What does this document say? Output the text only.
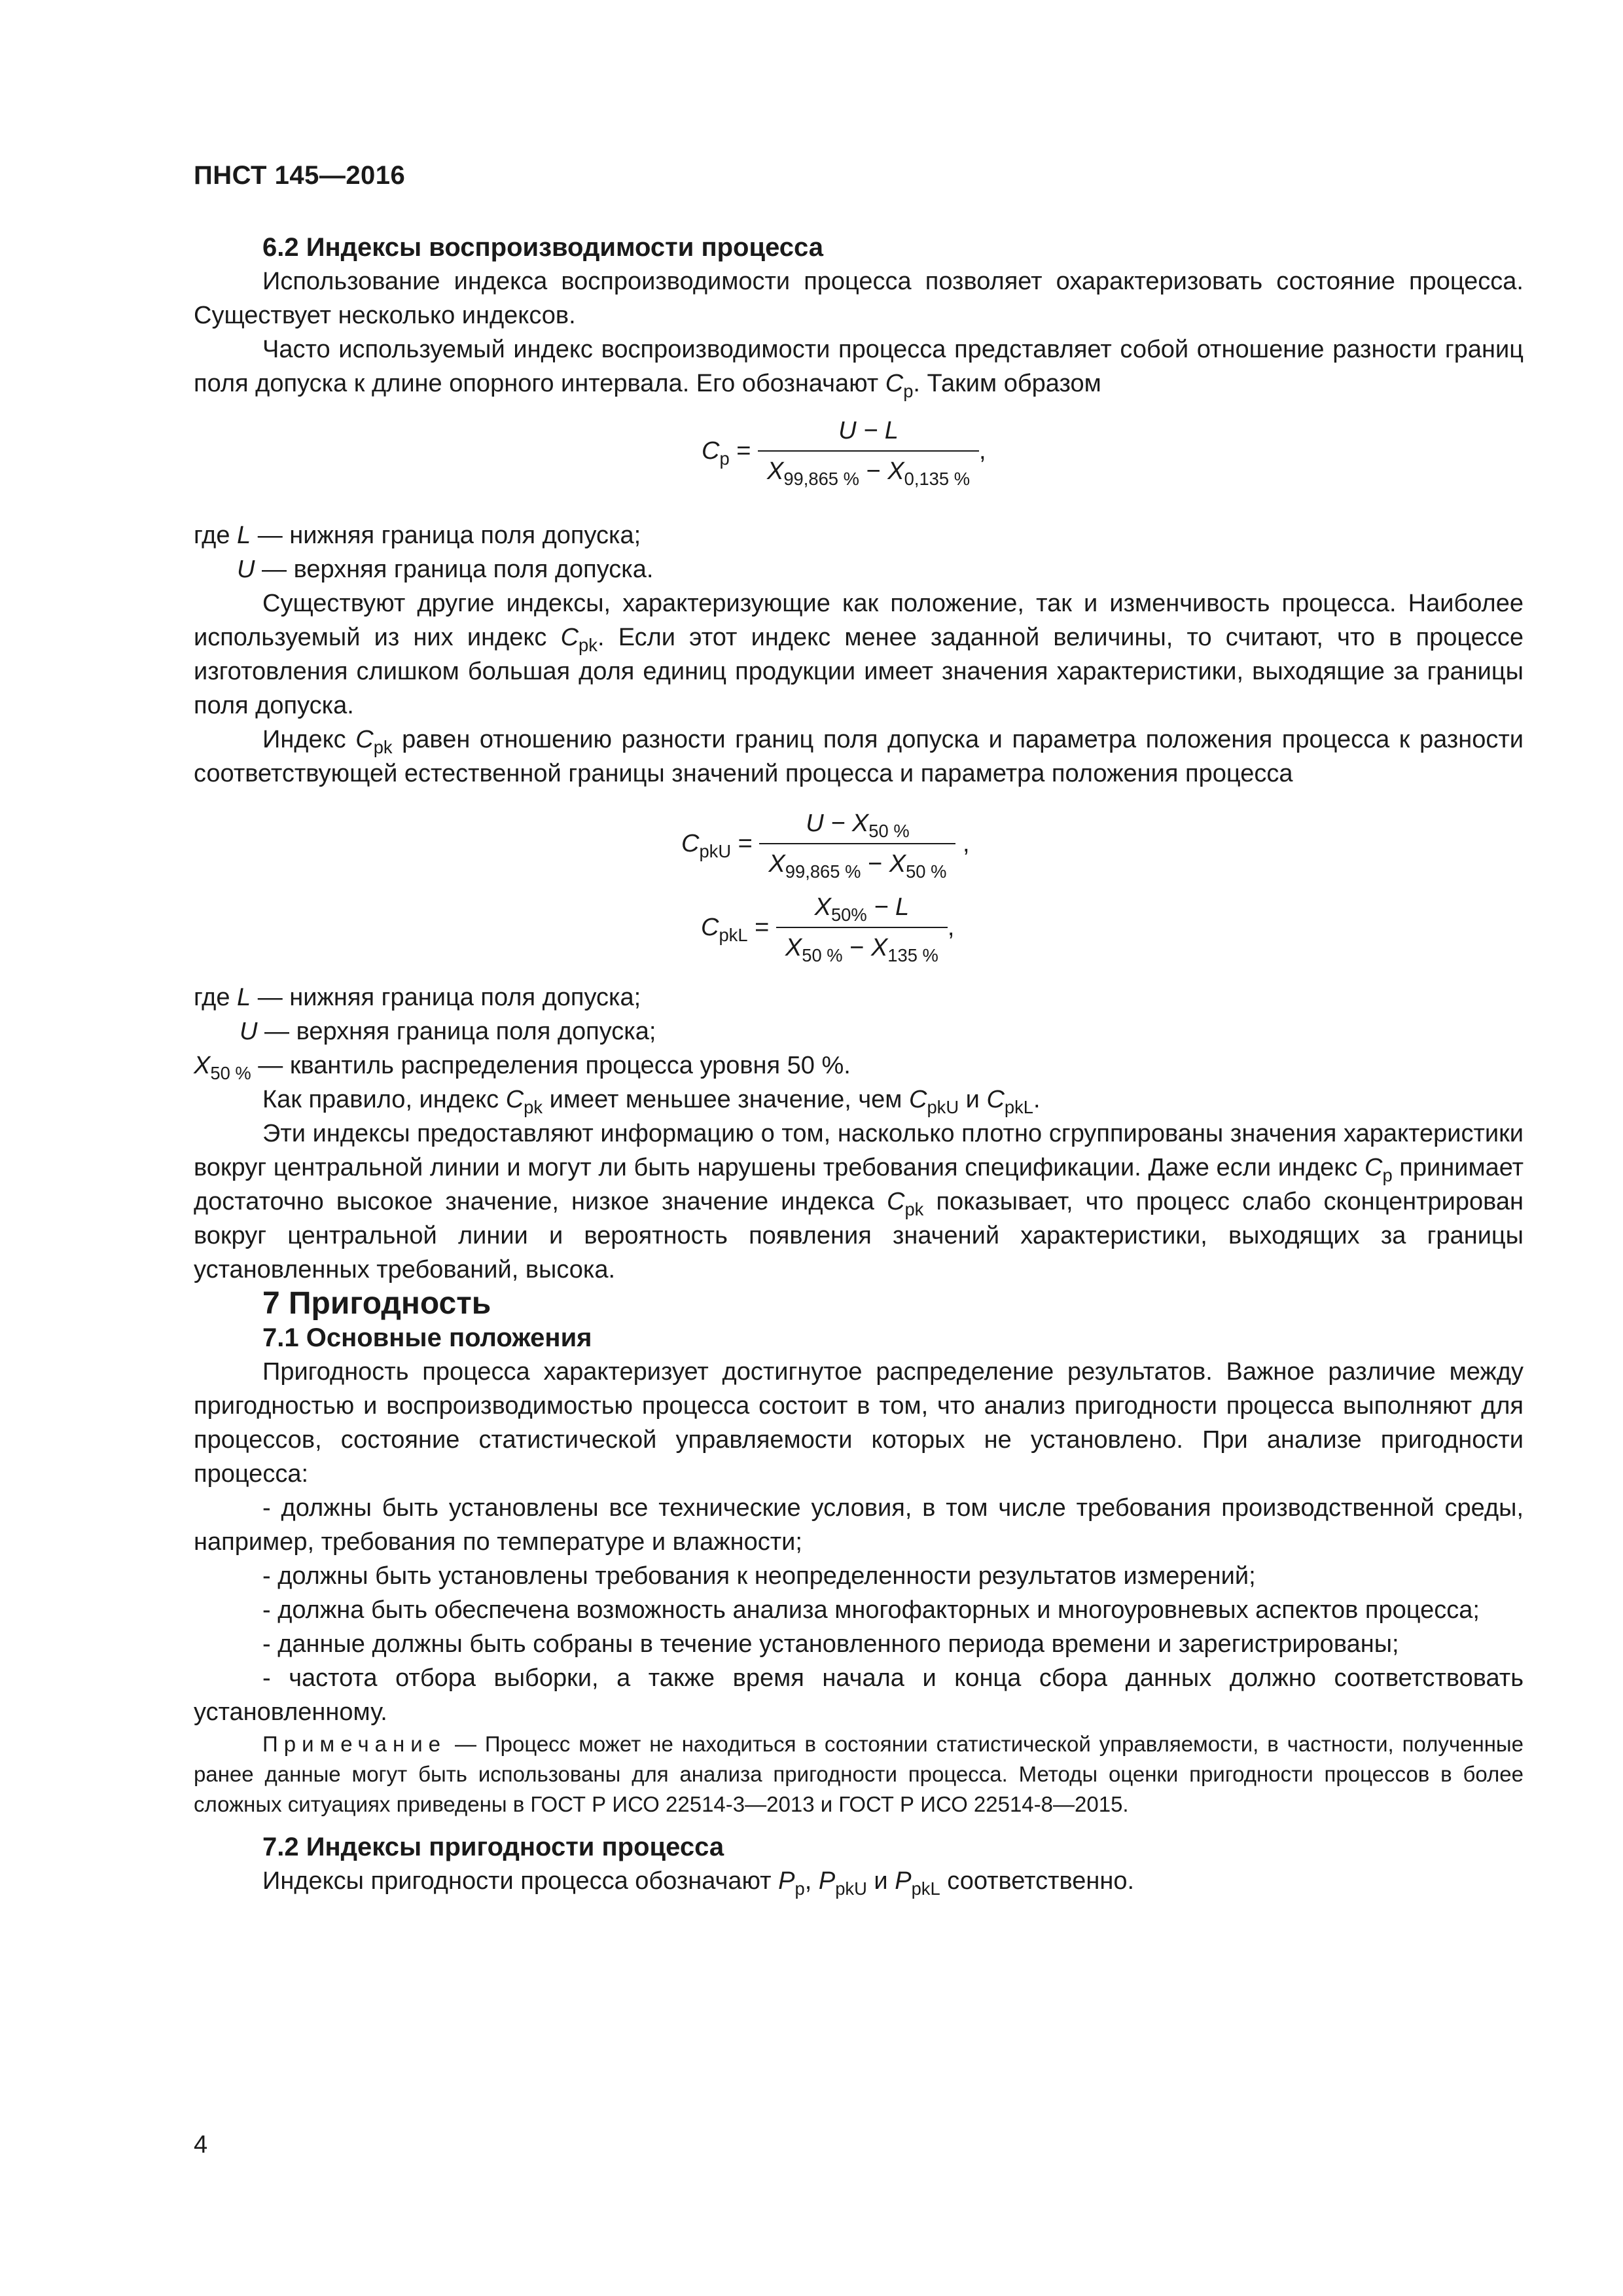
ПНСТ 145—2016

6.2 Индексы воспроизводимости процесса

Использование индекса воспроизводимости процесса позволяет охарактеризовать состояние процесса. Существует несколько индексов.

Часто используемый индекс воспроизводимости процесса представляет собой отношение разности границ поля допуска к длине опорного интервала. Его обозначают $C_p$. Таким образом

$C_p = \frac{U - L}{X_{99,865 \%} - X_{0,135 \%}}$ ,

где L — нижняя граница поля допуска;

U — верхняя граница поля допуска.

Существуют другие индексы, характеризующие как положение, так и изменчивость процесса. Наиболее используемый из них индекс $C_{pk}$. Если этот индекс менее заданной величины, то считают, что в процессе изготовления слишком большая доля единиц продукции имеет значения характеристики, выходящие за границы поля допуска.

Индекс $C_{pk}$ равен отношению разности границ поля допуска и параметра положения процесса к разности соответствующей естественной границы значений процесса и параметра положения процесса

$C_{pkU} = \frac{U - X_{50 \%}}{X_{99,865 \%} - X_{50 \%}}$ ,
$C_{pkL} = \frac{X_{50\%} - L}{X_{50 \%} - X_{135 \%}}$ ,

где L — нижняя граница поля допуска;

U — верхняя граница поля допуска;

$X_{50 \%}$ — квантиль распределения процесса уровня 50 %.

Как правило, индекс $C_{pk}$ имеет меньшее значение, чем $C_{pkU}$ и $C_{pkL}$.

Эти индексы предоставляют информацию о том, насколько плотно сгруппированы значения характеристики вокруг центральной линии и могут ли быть нарушены требования спецификации. Даже если индекс $C_p$ принимает достаточно высокое значение, низкое значение индекса $C_{pk}$ показывает, что процесс слабо сконцентрирован вокруг центральной линии и вероятность появления значений характеристики, выходящих за границы установленных требований, высока.

7 Пригодность

7.1 Основные положения

Пригодность процесса характеризует достигнутое распределение результатов. Важное различие между пригодностью и воспроизводимостью процесса состоит в том, что анализ пригодности процесса выполняют для процессов, состояние статистической управляемости которых не установлено. При анализе пригодности процесса:

- должны быть установлены все технические условия, в том числе требования производственной среды, например, требования по температуре и влажности;

- должны быть установлены требования к неопределенности результатов измерений;

- должна быть обеспечена возможность анализа многофакторных и многоуровневых аспектов процесса;

- данные должны быть собраны в течение установленного периода времени и зарегистрированы;

- частота отбора выборки, а также время начала и конца сбора данных должно соответствовать установленному.

Примечание — Процесс может не находиться в состоянии статистической управляемости, в частности, полученные ранее данные могут быть использованы для анализа пригодности процесса. Методы оценки пригодности процессов в более сложных ситуациях приведены в ГОСТ Р ИСО 22514-3—2013 и ГОСТ Р ИСО 22514-8—2015.

7.2 Индексы пригодности процесса

Индексы пригодности процесса обозначают $P_p$, $P_{pkU}$ и $P_{pkL}$ соответственно.

4
